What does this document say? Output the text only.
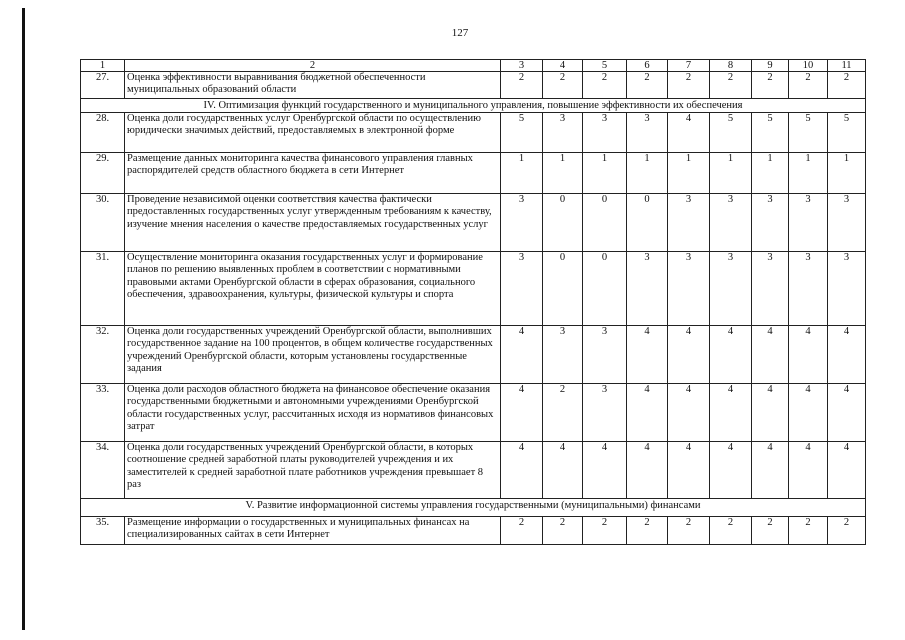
127
1	2	3	4	5	6	7	8	9	10	11
27.	Оценка эффективности выравнивания бюджетной обеспеченности муниципальных образований области	2	2	2	2	2	2	2	2	2
IV. Оптимизация функций государственного и муниципального управления, повышение эффективности их обеспечения										
28.	Оценка доли государственных услуг Оренбургской области по осуществлению юридически значимых действий, предоставляемых в электронной форме	5	3	3	3	4	5	5	5	5
29.	Размещение данных мониторинга качества финансового управления главных распорядителей средств областного бюджета в сети Интернет	1	1	1	1	1	1	1	1	1
30.	Проведение независимой оценки соответствия качества фактически предоставленных государственных услуг утвержденным требованиям к качеству, изучение мнения населения о качестве предоставляемых государственных услуг	3	0	0	0	3	3	3	3	3
31.	Осуществление мониторинга оказания государственных услуг и формирование планов по решению выявленных проблем в соответствии с нормативными правовыми актами Оренбургской области в сферах образования, социального обеспечения, здравоохранения, культуры, физической культуры и спорта	3	0	0	3	3	3	3	3	3
32.	Оценка доли государственных учреждений Оренбургской области, выполнивших государственное задание на 100 процентов, в общем количестве государственных учреждений Оренбургской области, которым установлены государственные задания	4	3	3	4	4	4	4	4	4
33.	Оценка доли расходов областного бюджета на финансовое обеспечение оказания государственными бюджетными и автономными учреждениями Оренбургской области государственных услуг, рассчитанных исходя из нормативов финансовых затрат	4	2	3	4	4	4	4	4	4
34.	Оценка доли государственных учреждений Оренбургской области, в которых соотношение средней заработной платы руководителей учреждения и их заместителей к средней заработной плате работников учреждения превышает 8 раз	4	4	4	4	4	4	4	4	4
V. Развитие информационной системы управления государственными (муниципальными) финансами										
35.	Размещение информации о государственных и муниципальных финансах на специализированных сайтах в сети Интернет	2	2	2	2	2	2	2	2	2
